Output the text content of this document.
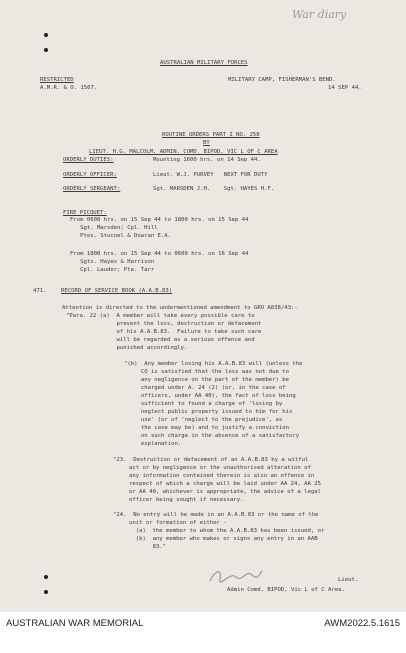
War diary
AUSTRALIAN MILITARY FORCES
RESTRICTED
A.M.R. & O. 1567.
MILITARY CAMP, FISHERMAN'S BEND.
14 SEP 44.
ROUTINE ORDERS PART I NO. 258
BY
LIEUT. H.G. MALCOLM, ADMIN. COMD. BIPOD, VIC L OF C AREA
ORDERLY DUTIES:	Mounting 1600 hrs. on 14 Sep 44.
ORDERLY OFFICER:	Lieut. W.J. PURVEY   NEXT FOR DUTY
ORDERLY SERGEANT:	Sgt. MARSDEN J.H.    Sgt. HAYES H.F.
FIRE PICQUET:
From 0600 hrs. on 15 Sep 44 to 1800 hrs. on 15 Sep 44
Sgt. Marsden; Cpl. Hill
Ptes. Stucnel & Dowran E.A.
From 1800 hrs. on 15 Sep 44 to 0600 hrs. on 16 Sep 44
Sgts. Hayes & Harrison
Cpl. Lauder; Pte. Tarr
471.	RECORD OF SERVICE BOOK (A.A.B.83)
Attention is directed to the undermentioned amendment to GRO A838/43:-
"Para. 22 (a)  A member will take every possible care to
prevent the loss, destruction or defacement
of his A.A.B.83.  Failure to take such care
will be regarded as a serious offence and
punished accordingly.
"(b)  Any member losing his A.A.B.83 will (unless the
CO is satisfied that the loss was not due to
any negligence on the part of the member) be
charged under A. 24 (2) (or, in the case of
officers, under AA 40), the fact of loss being
sufficient to found a charge of 'losing by
neglect public property issued to him for his
use' (or of 'neglect to the prejudice', as
the case may be) and to justify a conviction
on such charge in the absence of a satisfactory
explanation.
"23.  Destruction or defacement of an A.A.B.83 by a wilful
act or by negligence or the unauthorised alteration of
any information contained therein is also an offence in
respect of which a charge will be laid under AA 24, AA 25
or AA 40, whichever is appropriate, the advice of a legal
officer being sought if necessary.
"24.  No entry will be made in an A.A.B.83 or the name of the
unit or formation of either -
(a)  the member to whom the A.A.B.83 has been issued, or
(b)  any member who makes or signs any entry in an AAB
83."
Lieut.
Admin Comd, BIPOD, Vic L of C Area.
AUSTRALIAN WAR MEMORIAL	AWM2022.5.1615
